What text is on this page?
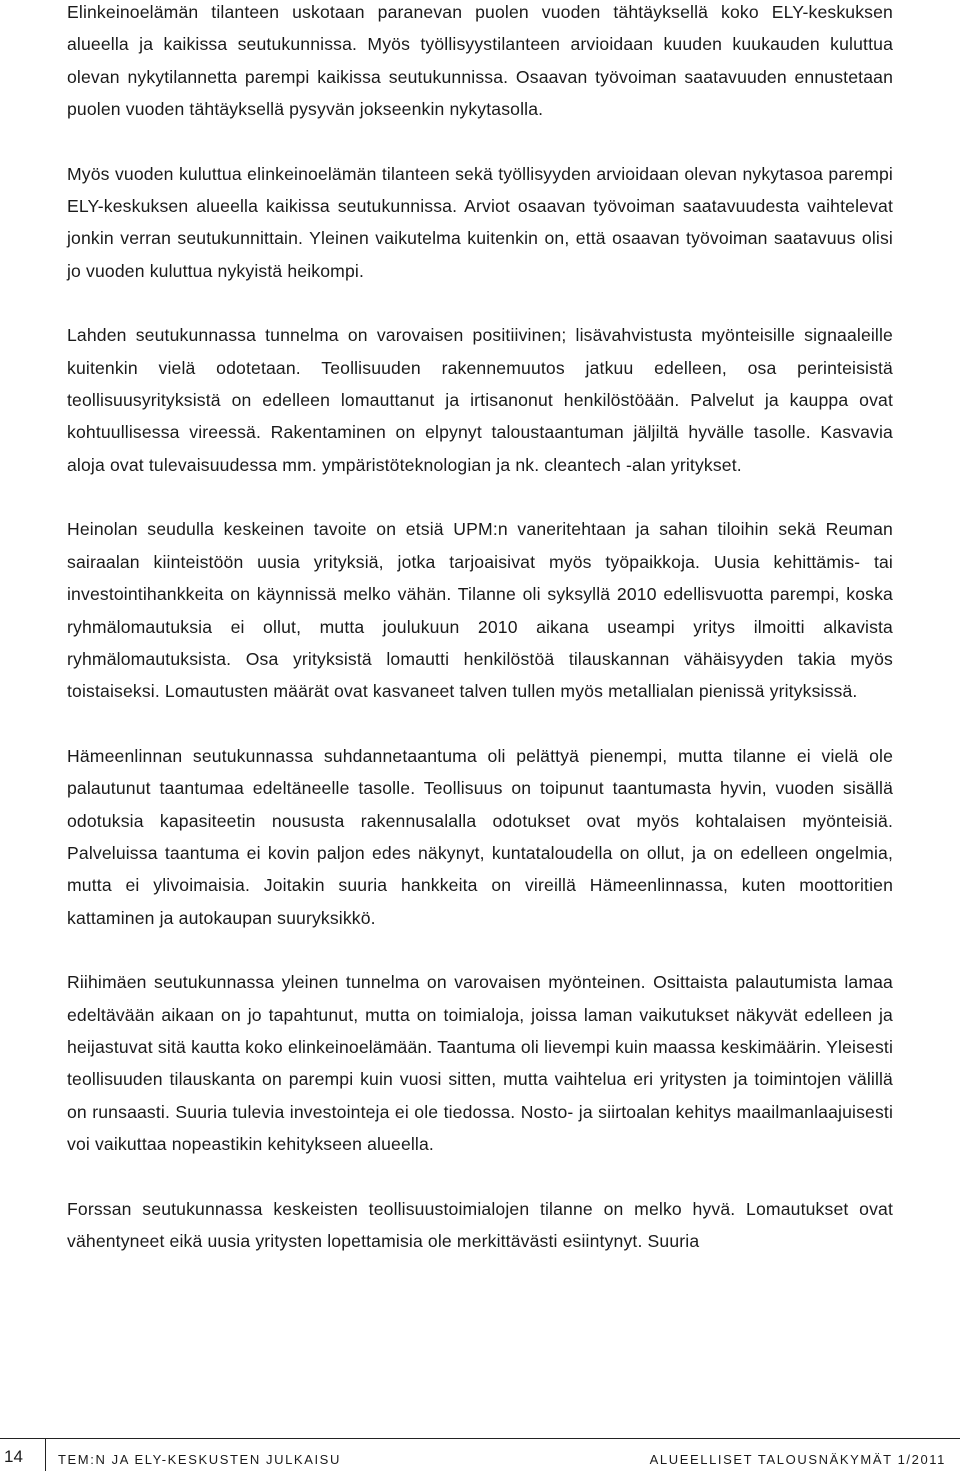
Elinkeinoelämän tilanteen uskotaan paranevan puolen vuoden tähtäyksellä koko ELY-keskuksen alueella ja kaikissa seutukunnissa. Myös työllisyystilanteen arvioidaan kuuden kuukauden kuluttua olevan nykytilannetta parempi kaikissa seutukunnissa. Osaavan työvoiman saatavuuden ennustetaan puolen vuoden tähtäyksellä pysyvän jokseenkin nykytasolla.

Myös vuoden kuluttua elinkeinoelämän tilanteen sekä työllisyyden arvioidaan olevan nykytasoa parempi ELY-keskuksen alueella kaikissa seutukunnissa. Arviot osaavan työvoiman saatavuudesta vaihtelevat jonkin verran seutukunnittain. Yleinen vaikutelma kuitenkin on, että osaavan työvoiman saatavuus olisi jo vuoden kuluttua nykyistä heikompi.

Lahden seutukunnassa tunnelma on varovaisen positiivinen; lisävahvistusta myönteisille signaaleille kuitenkin vielä odotetaan. Teollisuuden rakennemuutos jatkuu edelleen, osa perinteisistä teollisuusyrityksistä on edelleen lomauttanut ja irtisanonut henkilöstöään. Palvelut ja kauppa ovat kohtuullisessa vireessä. Rakentaminen on elpynyt taloustaantuman jäljiltä hyvälle tasolle. Kasvavia aloja ovat tulevaisuudessa mm. ympäristöteknologian ja nk. cleantech -alan yritykset.

Heinolan seudulla keskeinen tavoite on etsiä UPM:n vaneritehtaan ja sahan tiloihin sekä Reuman sairaalan kiinteistöön uusia yrityksiä, jotka tarjoaisivat myös työpaikkoja. Uusia kehittämis- tai investointihankkeita on käynnissä melko vähän. Tilanne oli syksyllä 2010 edellisvuotta parempi, koska ryhmälomautuksia ei ollut, mutta joulukuun 2010 aikana useampi yritys ilmoitti alkavista ryhmälomautuksista. Osa yrityksistä lomautti henkilöstöä tilauskannan vähäisyyden takia myös toistaiseksi. Lomautusten määrät ovat kasvaneet talven tullen myös metallialan pienissä yrityksissä.

Hämeenlinnan seutukunnassa suhdannetaantuma oli pelättyä pienempi, mutta tilanne ei vielä ole palautunut taantumaa edeltäneelle tasolle. Teollisuus on toipunut taantumasta hyvin, vuoden sisällä odotuksia kapasiteetin noususta rakennusalalla odotukset ovat myös kohtalaisen myönteisiä. Palveluissa taantuma ei kovin paljon edes näkynyt, kuntataloudella on ollut, ja on edelleen ongelmia, mutta ei ylivoimaisia. Joitakin suuria hankkeita on vireillä Hämeenlinnassa, kuten moottoritien kattaminen ja autokaupan suuryksikkö.

Riihimäen seutukunnassa yleinen tunnelma on varovaisen myönteinen. Osittaista palautumista lamaa edeltävään aikaan on jo tapahtunut, mutta on toimialoja, joissa laman vaikutukset näkyvät edelleen ja heijastuvat sitä kautta koko elinkeinoelämään. Taantuma oli lievempi kuin maassa keskimäärin. Yleisesti teollisuuden tilauskanta on parempi kuin vuosi sitten, mutta vaihtelua eri yritysten ja toimintojen välillä on runsaasti. Suuria tulevia investointeja ei ole tiedossa. Nosto- ja siirtoalan kehitys maailmanlaajuisesti voi vaikuttaa nopeastikin kehitykseen alueella.

Forssan seutukunnassa keskeisten teollisuustoimialojen tilanne on melko hyvä. Lomautukset ovat vähentyneet eikä uusia yritysten lopettamisia ole merkittävästi esiintynyt. Suuria

14	TEM:N JA ELY-KESKUSTEN JULKAISU	ALUEELLISET TALOUSNÄKYMÄT 1/2011
